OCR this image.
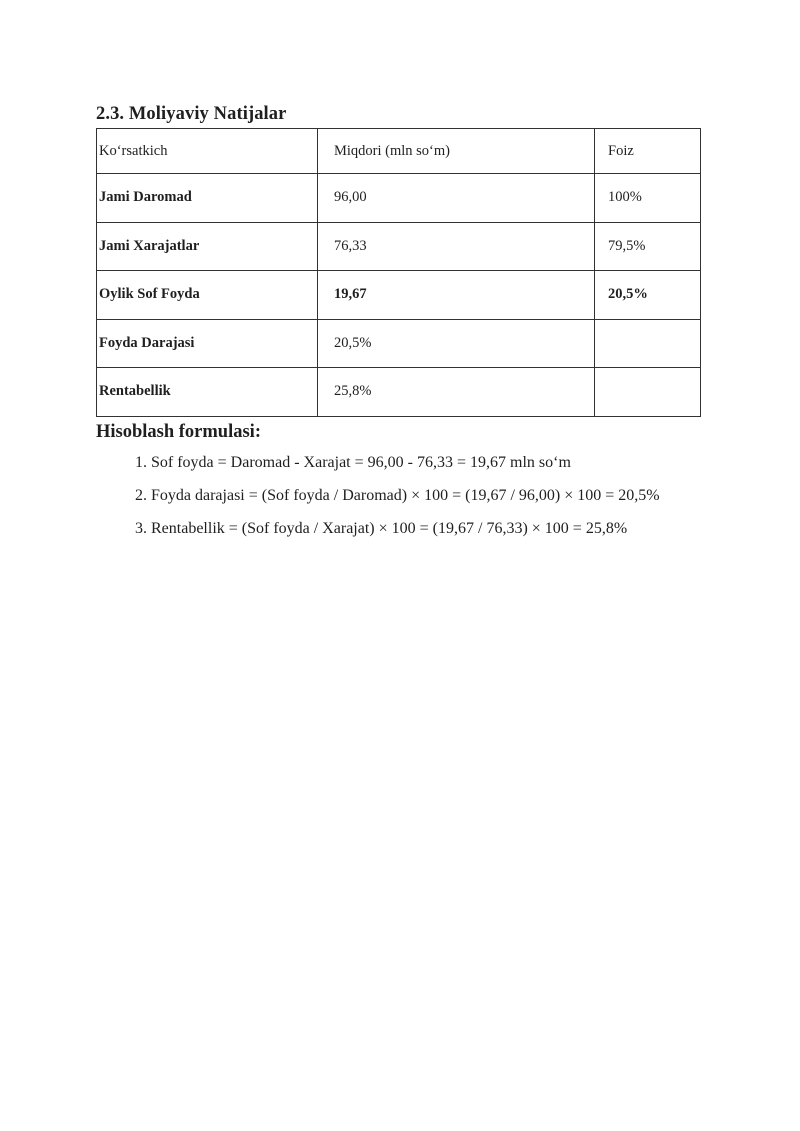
2.3. Moliyaviy Natijalar
Ko‘rsatkich	Miqdori (mln so‘m)	Foiz
Jami Daromad	96,00	100%
Jami Xarajatlar	76,33	79,5%
Oylik Sof Foyda	19,67	20,5%
Foyda Darajasi	20,5%	
Rentabellik	25,8%	
Hisoblash formulasi:

1. Sof foyda = Daromad - Xarajat = 96,00 - 76,33 = 19,67 mln so‘m

2. Foyda darajasi = (Sof foyda / Daromad) × 100 = (19,67 / 96,00) × 100 = 20,5%

3. Rentabellik = (Sof foyda / Xarajat) × 100 = (19,67 / 76,33) × 100 = 25,8%
